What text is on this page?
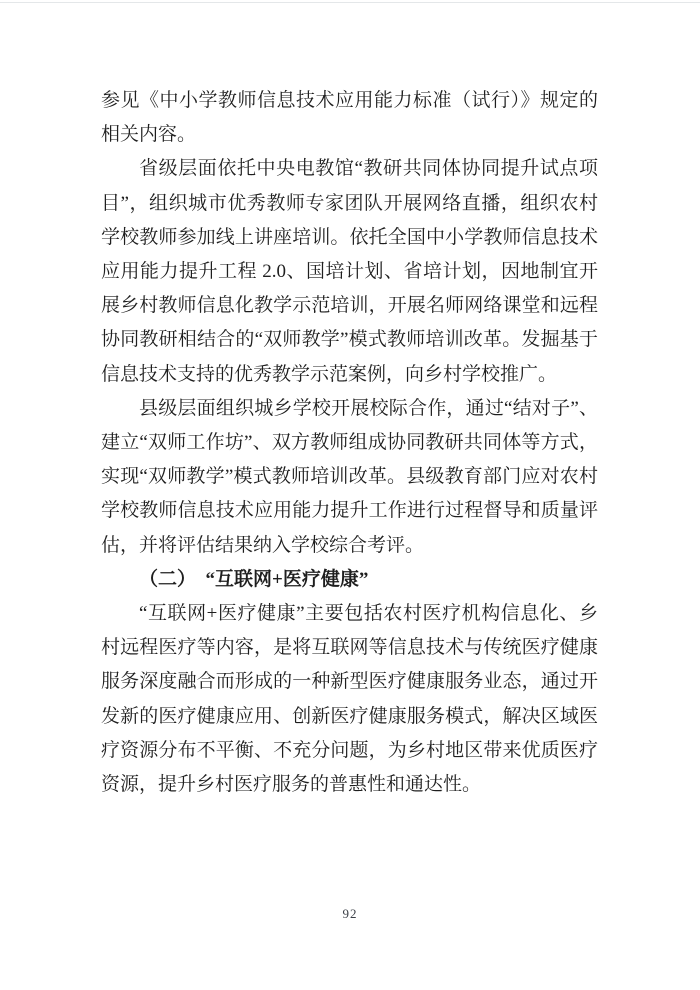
参见《中小学教师信息技术应用能力标准（试行）》规定的相关内容。

省级层面依托中央电教馆“教研共同体协同提升试点项目”，组织城市优秀教师专家团队开展网络直播，组织农村学校教师参加线上讲座培训。依托全国中小学教师信息技术应用能力提升工程 2.0、国培计划、省培计划，因地制宜开展乡村教师信息化教学示范培训，开展名师网络课堂和远程协同教研相结合的“双师教学”模式教师培训改革。发掘基于信息技术支持的优秀教学示范案例，向乡村学校推广。

县级层面组织城乡学校开展校际合作，通过“结对子”、建立“双师工作坊”、双方教师组成协同教研共同体等方式，实现“双师教学”模式教师培训改革。县级教育部门应对农村学校教师信息技术应用能力提升工作进行过程督导和质量评估，并将评估结果纳入学校综合考评。

（二）　“互联网+医疗健康”

“互联网+医疗健康”主要包括农村医疗机构信息化、乡村远程医疗等内容，是将互联网等信息技术与传统医疗健康服务深度融合而形成的一种新型医疗健康服务业态，通过开发新的医疗健康应用、创新医疗健康服务模式，解决区域医疗资源分布不平衡、不充分问题，为乡村地区带来优质医疗资源，提升乡村医疗服务的普惠性和通达性。

92
